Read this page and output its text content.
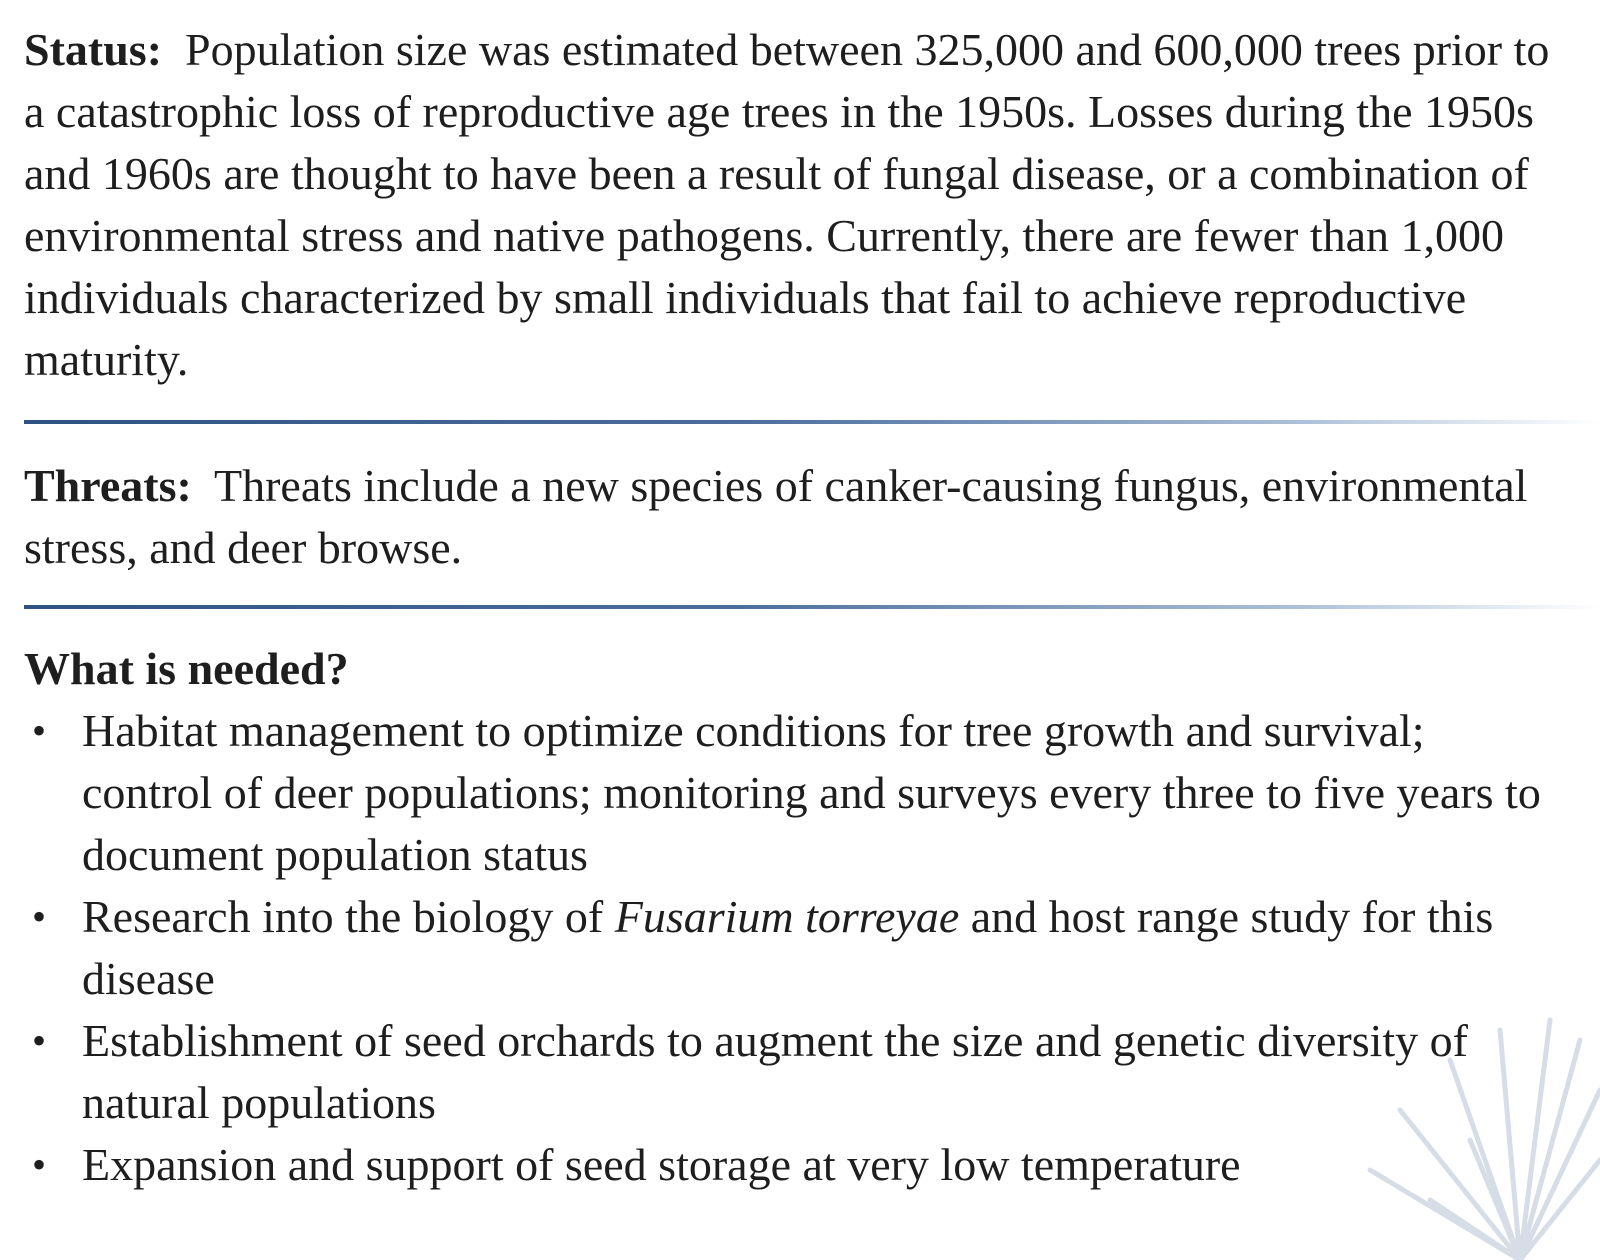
Status: Population size was estimated between 325,000 and 600,000 trees prior to a catastrophic loss of reproductive age trees in the 1950s. Losses during the 1950s and 1960s are thought to have been a result of fungal disease, or a combination of environmental stress and native pathogens. Currently, there are fewer than 1,000 individuals characterized by small individuals that fail to achieve reproductive maturity.

Threats: Threats include a new species of canker-causing fungus, environmental stress, and deer browse.

What is needed?
• Habitat management to optimize conditions for tree growth and survival; control of deer populations; monitoring and surveys every three to five years to document population status
• Research into the biology of Fusarium torreyae and host range study for this disease
• Establishment of seed orchards to augment the size and genetic diversity of natural populations
• Expansion and support of seed storage at very low temperature
